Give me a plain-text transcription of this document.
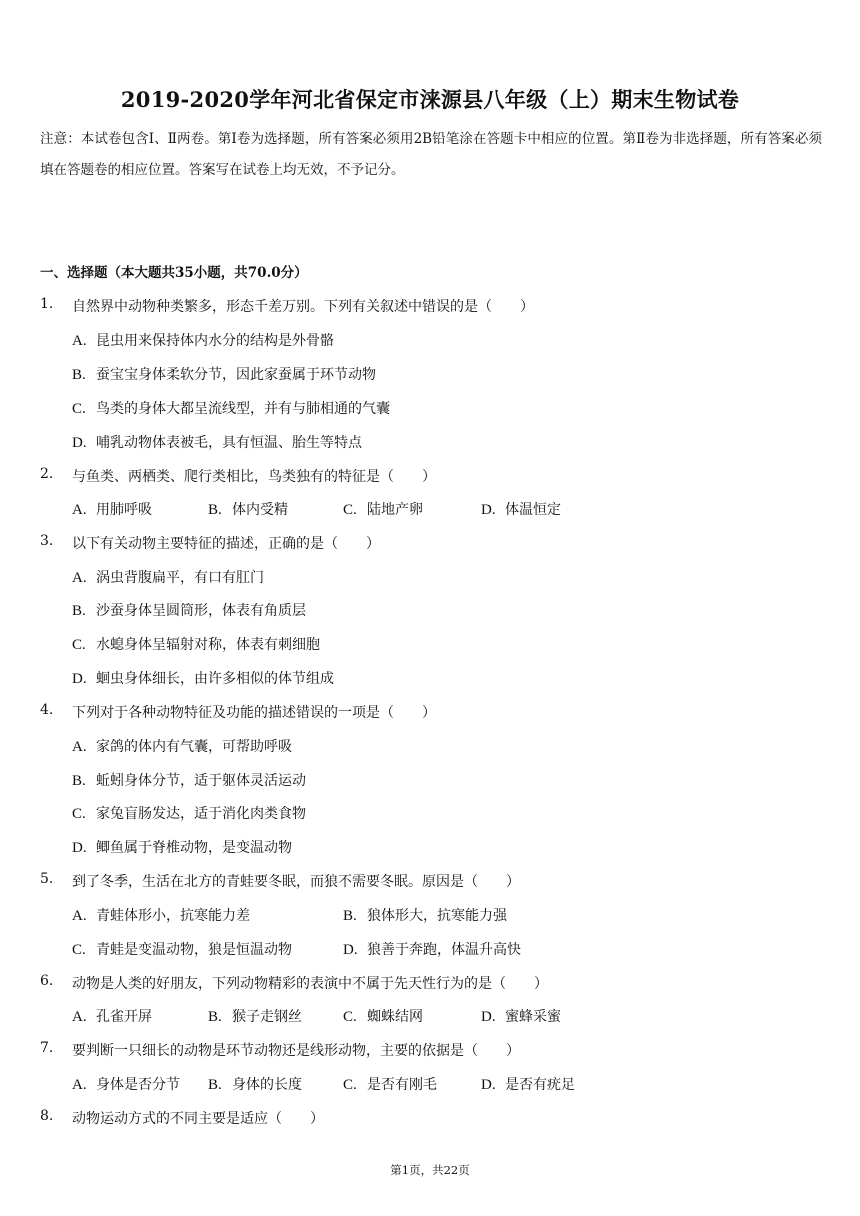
2019-2020学年河北省保定市涞源县八年级（上）期末生物试卷
注意：本试卷包含Ⅰ、Ⅱ两卷。第Ⅰ卷为选择题，所有答案必须用2B铅笔涂在答题卡中相应的位置。第Ⅱ卷为非选择题，所有答案必须填在答题卷的相应位置。答案写在试卷上均无效，不予记分。
一、选择题（本大题共35小题，共70.0分）
1. 自然界中动物种类繁多，形态千差万别。下列有关叙述中错误的是（　　）
A. 昆虫用来保持体内水分的结构是外骨骼
B. 蚕宝宝身体柔软分节，因此家蚕属于环节动物
C. 鸟类的身体大都呈流线型，并有与肺相通的气囊
D. 哺乳动物体表被毛，具有恒温、胎生等特点
2. 与鱼类、两栖类、爬行类相比，鸟类独有的特征是（　　）
A. 用肺呼吸	B. 体内受精	C. 陆地产卵	D. 体温恒定
3. 以下有关动物主要特征的描述，正确的是（　　）
A. 涡虫背腹扁平，有口有肛门
B. 沙蚕身体呈圆筒形，体表有角质层
C. 水螅身体呈辐射对称，体表有刺细胞
D. 蛔虫身体细长，由许多相似的体节组成
4. 下列对于各种动物特征及功能的描述错误的一项是（　　）
A. 家鸽的体内有气囊，可帮助呼吸
B. 蚯蚓身体分节，适于躯体灵活运动
C. 家兔盲肠发达，适于消化肉类食物
D. 鲫鱼属于脊椎动物，是变温动物
5. 到了冬季，生活在北方的青蛙要冬眠，而狼不需要冬眠。原因是（　　）
A. 青蛙体形小，抗寒能力差	B. 狼体形大，抗寒能力强
C. 青蛙是变温动物，狼是恒温动物	D. 狼善于奔跑，体温升高快
6. 动物是人类的好朋友，下列动物精彩的表演中不属于先天性行为的是（　　）
A. 孔雀开屏	B. 猴子走钢丝	C. 蜘蛛结网	D. 蜜蜂采蜜
7. 要判断一只细长的动物是环节动物还是线形动物，主要的依据是（　　）
A. 身体是否分节 B. 身体的长度	C. 是否有刚毛	D. 是否有疣足
8. 动物运动方式的不同主要是适应（　　）
第1页，共22页
